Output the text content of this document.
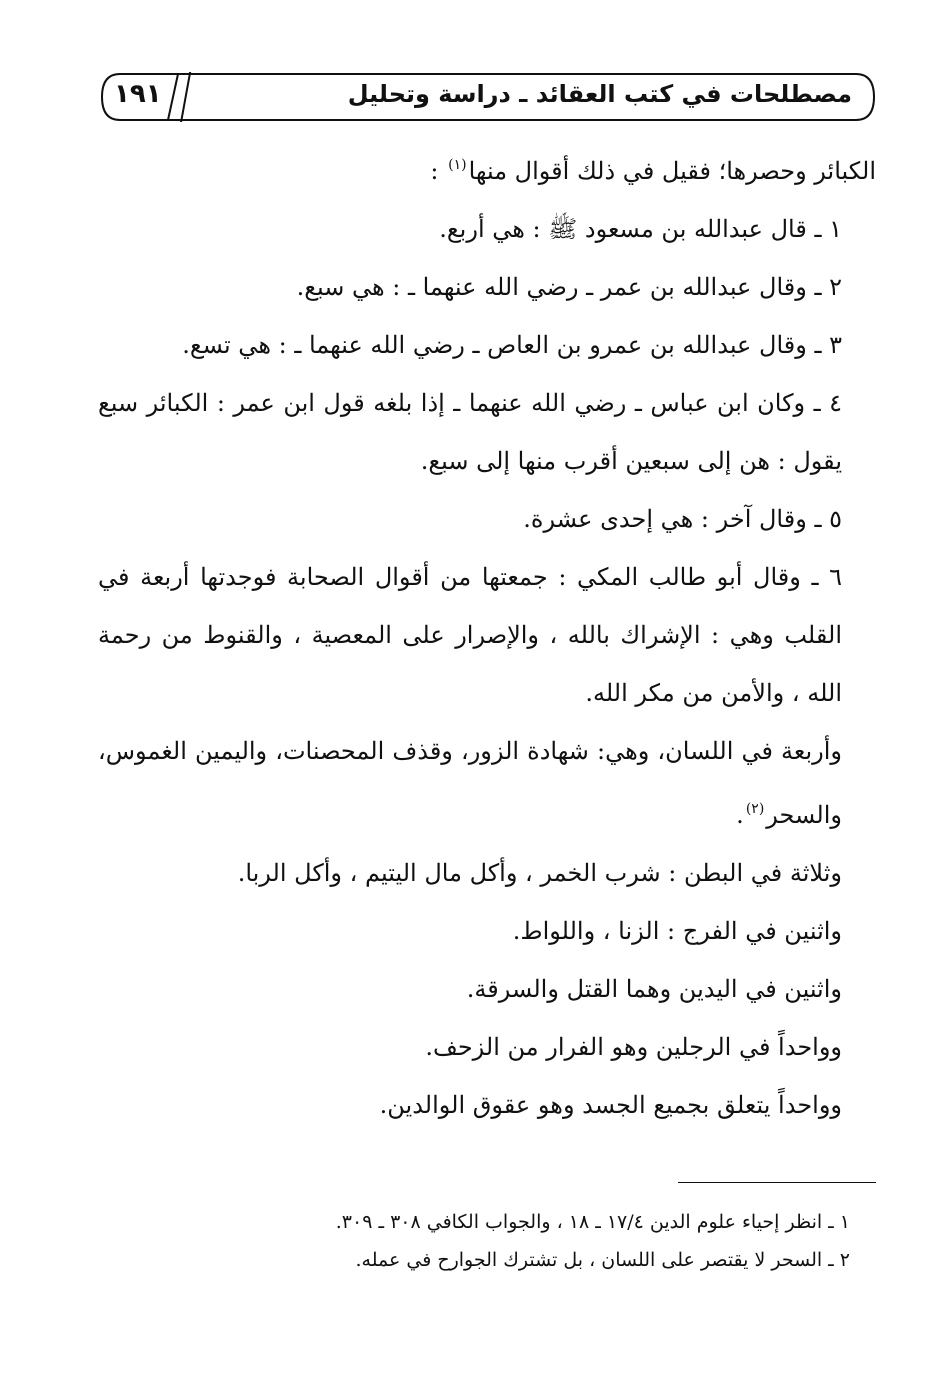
١٩١	مصطلحات في كتب العقائد ـ دراسة وتحليل

الكبائر وحصرها؛ فقيل في ذلك أقوال منها$^{(١)}$ :

١ ـ قال عبدالله بن مسعود ﷺ : هي أربع.

٢ ـ وقال عبدالله بن عمر ـ رضي الله عنهما ـ : هي سبع.

٣ ـ وقال عبدالله بن عمرو بن العاص ـ رضي الله عنهما ـ : هي تسع.

٤ ـ وكان ابن عباس ـ رضي الله عنهما ـ إذا بلغه قول ابن عمر : الكبائر سبع يقول : هن إلى سبعين أقرب منها إلى سبع.

٥ ـ وقال آخر : هي إحدى عشرة.

٦ ـ وقال أبو طالب المكي : جمعتها من أقوال الصحابة فوجدتها أربعة في القلب وهي : الإشراك بالله ، والإصرار على المعصية ، والقنوط من رحمة الله ، والأمن من مكر الله.

وأربعة في اللسان، وهي: شهادة الزور، وقذف المحصنات، واليمين الغموس، والسحر$^{(٢)}$.

وثلاثة في البطن : شرب الخمر ، وأكل مال اليتيم ، وأكل الربا.

واثنين في الفرج : الزنا ، واللواط.

واثنين في اليدين وهما القتل والسرقة.

وواحداً في الرجلين وهو الفرار من الزحف.

وواحداً يتعلق بجميع الجسد وهو عقوق الوالدين.

١ ـ انظر إحياء علوم الدين ١٧/٤ ـ ١٨ ، والجواب الكافي ٣٠٨ ـ ٣٠٩.

٢ ـ السحر لا يقتصر على اللسان ، بل تشترك الجوارح في عمله.
